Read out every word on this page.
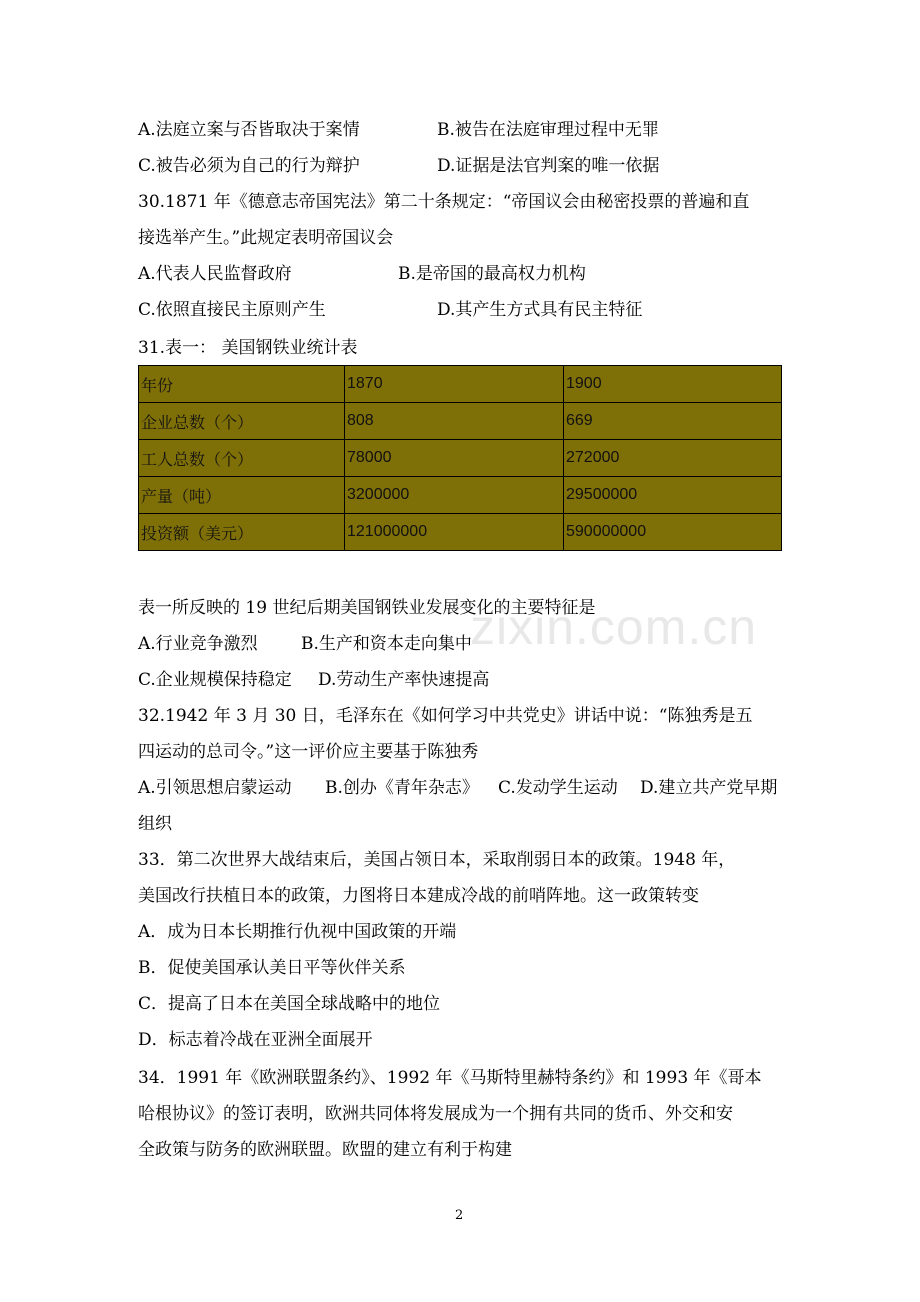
A.法庭立案与否皆取决于案情	B.被告在法庭审理过程中无罪
C.被告必须为自己的行为辩护	D.证据是法官判案的唯一依据
30.1871 年《德意志帝国宪法》第二十条规定：“帝国议会由秘密投票的普遍和直
接选举产生。”此规定表明帝国议会
A.代表人民监督政府	B.是帝国的最高权力机构
C.依照直接民主原则产生	D.其产生方式具有民主特征
31.表一： 美国钢铁业统计表
年份	1870	1900
企业总数（个）	808	669
工人总数（个）	78000	272000
产量（吨）	3200000	29500000
投资额（美元）	121000000	590000000
表一所反映的 19 世纪后期美国钢铁业发展变化的主要特征是
A.行业竞争激烈	B.生产和资本走向集中
C.企业规模保持稳定 D.劳动生产率快速提高
zixin.com.cn
32.1942 年 3 月 30 日，毛泽东在《如何学习中共党史》讲话中说：“陈独秀是五
四运动的总司令。”这一评价应主要基于陈独秀
A.引领思想启蒙运动 B.创办《青年杂志》 C.发动学生运动 D.建立共产党早期
组织
33．第二次世界大战结束后，美国占领日本，采取削弱日本的政策。1948 年，
美国改行扶植日本的政策，力图将日本建成冷战的前哨阵地。这一政策转变
A．成为日本长期推行仇视中国政策的开端
B．促使美国承认美日平等伙伴关系
C．提高了日本在美国全球战略中的地位
D．标志着冷战在亚洲全面展开
34．1991 年《欧洲联盟条约》、1992 年《马斯特里赫特条约》和 1993 年《哥本
哈根协议》的签订表明，欧洲共同体将发展成为一个拥有共同的货币、外交和安
全政策与防务的欧洲联盟。欧盟的建立有利于构建
2
